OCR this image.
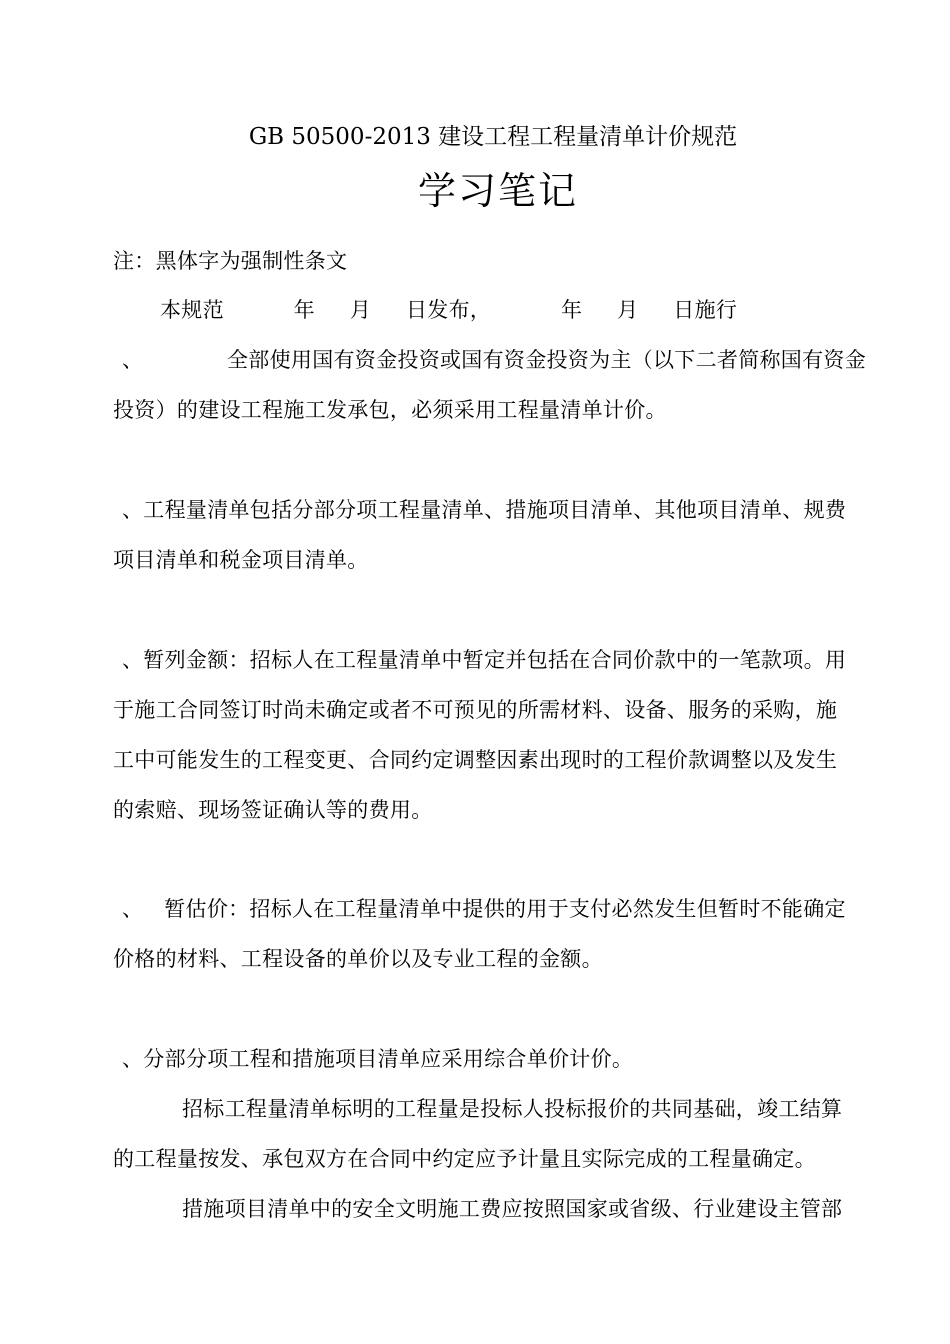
GB 50500-2013 建设工程工程量清单计价规范
学习笔记
注：黑体字为强制性条文
本规范          年     月     日发布，          年     月     日施行
、            全部使用国有资金投资或国有资金投资为主（以下二者简称国有资金
投资）的建设工程施工发承包，必须采用工程量清单计价。
、工程量清单包括分部分项工程量清单、措施项目清单、其他项目清单、规费
项目清单和税金项目清单。
、暂列金额：招标人在工程量清单中暂定并包括在合同价款中的一笔款项。用
于施工合同签订时尚未确定或者不可预见的所需材料、设备、服务的采购，施
工中可能发生的工程变更、合同约定调整因素出现时的工程价款调整以及发生
的索赔、现场签证确认等的费用。
、   暂估价：招标人在工程量清单中提供的用于支付必然发生但暂时不能确定
价格的材料、工程设备的单价以及专业工程的金额。
、分部分项工程和措施项目清单应采用综合单价计价。
招标工程量清单标明的工程量是投标人投标报价的共同基础，竣工结算
的工程量按发、承包双方在合同中约定应予计量且实际完成的工程量确定。
措施项目清单中的安全文明施工费应按照国家或省级、行业建设主管部
